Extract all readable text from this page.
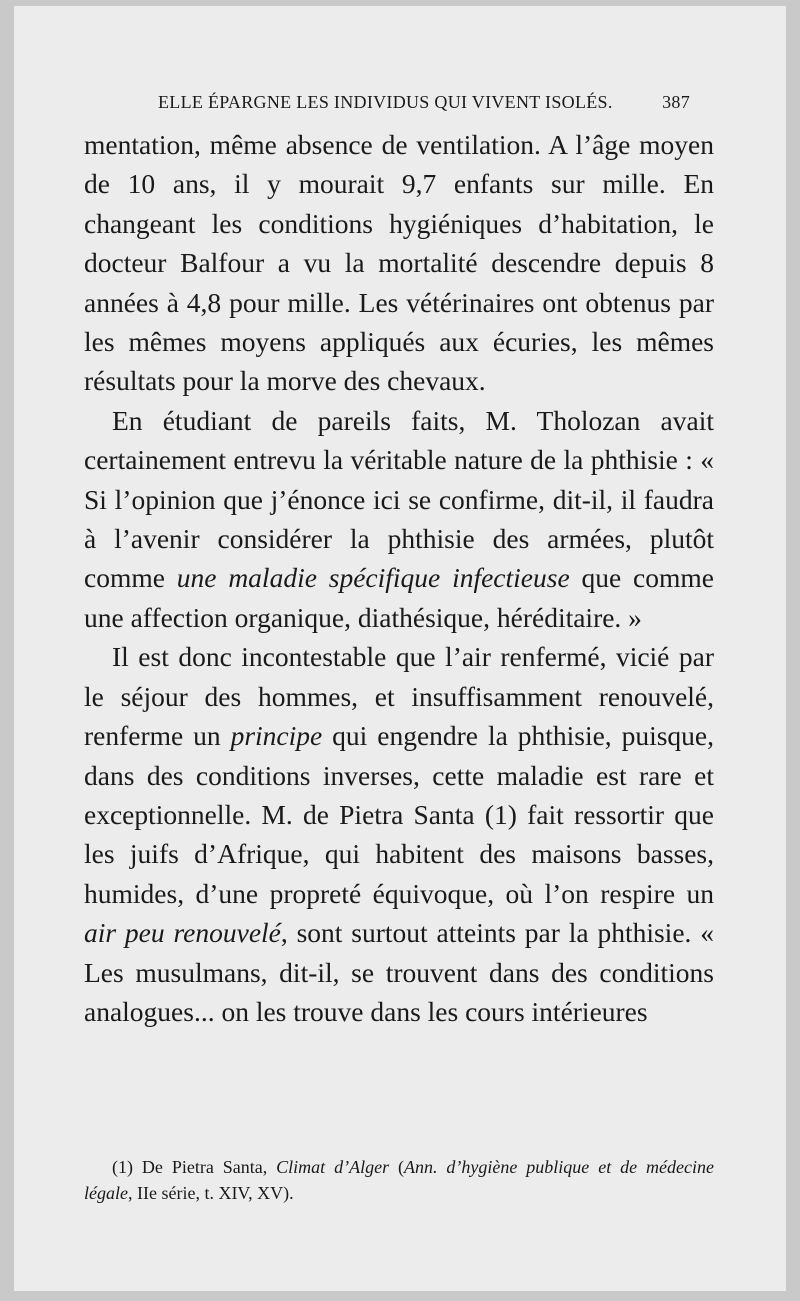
ELLE ÉPARGNE LES INDIVIDUS QUI VIVENT ISOLÉS.	387

mentation, même absence de ventilation. A l’âge moyen de 10 ans, il y mourait 9,7 enfants sur mille. En changeant les conditions hygiéniques d’habitation, le docteur Balfour a vu la mortalité descendre depuis 8 années à 4,8 pour mille. Les vétérinaires ont obtenus par les mêmes moyens appliqués aux écuries, les mêmes résultats pour la morve des chevaux.

En étudiant de pareils faits, M. Tholozan avait certainement entrevu la véritable nature de la phthisie : « Si l’opinion que j’énonce ici se confirme, dit-il, il faudra à l’avenir considérer la phthisie des armées, plutôt comme une maladie spécifique infectieuse que comme une affection organique, diathésique, héréditaire. »

Il est donc incontestable que l’air renfermé, vicié par le séjour des hommes, et insuffisamment renouvelé, renferme un principe qui engendre la phthisie, puisque, dans des conditions inverses, cette maladie est rare et exceptionnelle. M. de Pietra Santa (1) fait ressortir que les juifs d’Afrique, qui habitent des maisons basses, humides, d’une propreté équivoque, où l’on respire un air peu renouvelé, sont surtout atteints par la phthisie. « Les musulmans, dit-il, se trouvent dans des conditions analogues... on les trouve dans les cours intérieures

(1) De Pietra Santa, Climat d’Alger (Ann. d’hygiène publique et de médecine légale, IIe série, t. XIV, XV).
